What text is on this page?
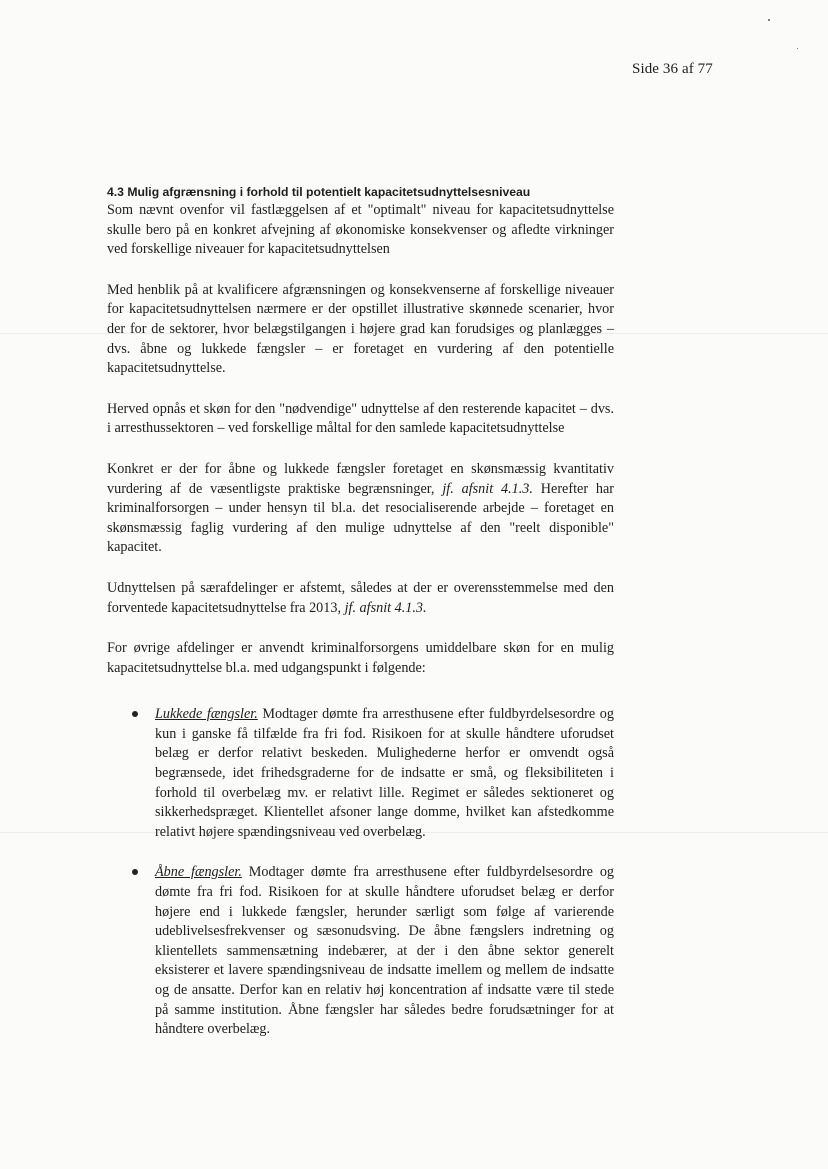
Side 36 af 77
4.3 Mulig afgrænsning i forhold til potentielt kapacitetsudnyttelsesniveau

Som nævnt ovenfor vil fastlæggelsen af et "optimalt" niveau for kapacitetsudnyttelse skulle bero på en konkret afvejning af økonomiske konsekvenser og afledte virkninger ved forskellige niveauer for kapacitetsudnyttelsen

Med henblik på at kvalificere afgrænsningen og konsekvenserne af forskellige niveauer for kapacitetsudnyttelsen nærmere er der opstillet illustrative skønnede scenarier, hvor der for de sektorer, hvor belægstilgangen i højere grad kan forudsiges og planlægges – dvs. åbne og lukkede fængsler – er foretaget en vurdering af den potentielle kapacitetsudnyttelse.

Herved opnås et skøn for den "nødvendige" udnyttelse af den resterende kapacitet – dvs. i arresthussektoren – ved forskellige måltal for den samlede kapacitetsudnyttelse

Konkret er der for åbne og lukkede fængsler foretaget en skønsmæssig kvantitativ vurdering af de væsentligste praktiske begrænsninger, jf. afsnit 4.1.3. Herefter har kriminalforsorgen – under hensyn til bl.a. det resocialiserende arbejde – foretaget en skønsmæssig faglig vurdering af den mulige udnyttelse af den "reelt disponible" kapacitet.

Udnyttelsen på særafdelinger er afstemt, således at der er overensstemmelse med den forventede kapacitetsudnyttelse fra 2013, jf. afsnit 4.1.3.

For øvrige afdelinger er anvendt kriminalforsorgens umiddelbare skøn for en mulig kapacitetsudnyttelse bl.a. med udgangspunkt i følgende:

Lukkede fængsler. Modtager dømte fra arresthusene efter fuldbyrdelsesordre og kun i ganske få tilfælde fra fri fod. Risikoen for at skulle håndtere uforudset belæg er derfor relativt beskeden. Mulighederne herfor er omvendt også begrænsede, idet frihedsgraderne for de indsatte er små, og fleksibiliteten i forhold til overbelæg mv. er relativt lille. Regimet er således sektioneret og sikkerhedspræget. Klientellet afsoner lange domme, hvilket kan afstedkomme relativt højere spændingsniveau ved overbelæg.

Åbne fængsler. Modtager dømte fra arresthusene efter fuldbyrdelsesordre og dømte fra fri fod. Risikoen for at skulle håndtere uforudset belæg er derfor højere end i lukkede fængsler, herunder særligt som følge af varierende udeblivelsesfrekvenser og sæsonudsving. De åbne fængslers indretning og klientellets sammensætning indebærer, at der i den åbne sektor generelt eksisterer et lavere spændingsniveau de indsatte imellem og mellem de indsatte og de ansatte. Derfor kan en relativ høj koncentration af indsatte være til stede på samme institution. Åbne fængsler har således bedre forudsætninger for at håndtere overbelæg.
